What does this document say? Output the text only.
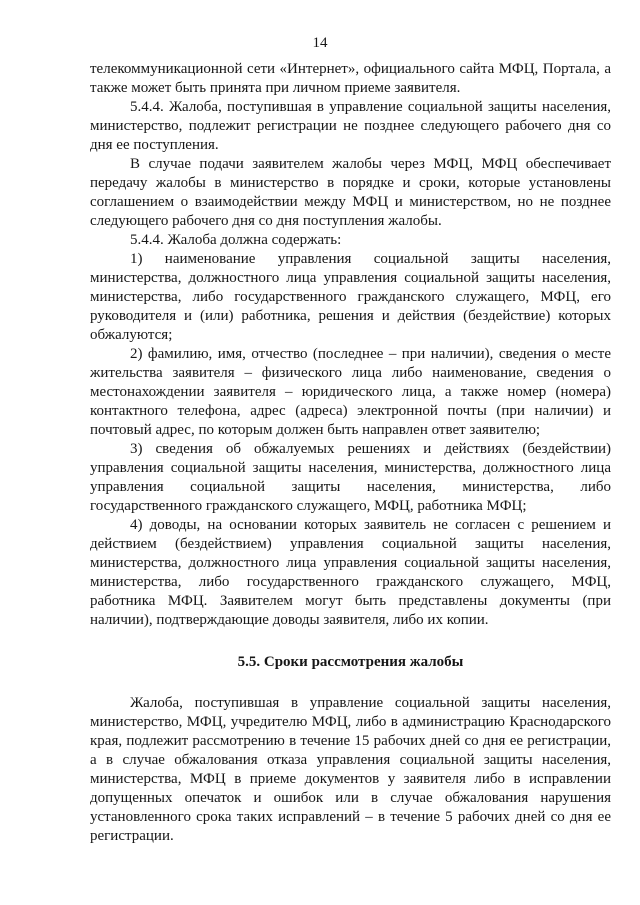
14

телекоммуникационной сети «Интернет», официального сайта МФЦ, Портала, а также может быть принята при личном приеме заявителя.

5.4.4. Жалоба, поступившая в управление социальной защиты населения, министерство, подлежит регистрации не позднее следующего рабочего дня со дня ее поступления.

В случае подачи заявителем жалобы через МФЦ, МФЦ обеспечивает передачу жалобы в министерство в порядке и сроки, которые установлены соглашением о взаимодействии между МФЦ и министерством, но не позднее следующего рабочего дня со дня поступления жалобы.

5.4.4. Жалоба должна содержать:

1) наименование управления социальной защиты населения, министерства, должностного лица управления социальной защиты населения, министерства, либо государственного гражданского служащего, МФЦ, его руководителя и (или) работника, решения и действия (бездействие) которых обжалуются;

2) фамилию, имя, отчество (последнее – при наличии), сведения о месте жительства заявителя – физического лица либо наименование, сведения о местонахождении заявителя – юридического лица, а также номер (номера) контактного телефона, адрес (адреса) электронной почты (при наличии) и почтовый адрес, по которым должен быть направлен ответ заявителю;

3) сведения об обжалуемых решениях и действиях (бездействии) управления социальной защиты населения, министерства, должностного лица управления социальной защиты населения, министерства, либо государственного гражданского служащего, МФЦ, работника МФЦ;

4) доводы, на основании которых заявитель не согласен с решением и действием (бездействием) управления социальной защиты населения, министерства, должностного лица управления социальной защиты населения, министерства, либо государственного гражданского служащего, МФЦ, работника МФЦ. Заявителем могут быть представлены документы (при наличии), подтверждающие доводы заявителя, либо их копии.

5.5. Сроки рассмотрения жалобы

Жалоба, поступившая в управление социальной защиты населения, министерство, МФЦ, учредителю МФЦ, либо в администрацию Краснодарского края, подлежит рассмотрению в течение 15 рабочих дней со дня ее регистрации, а в случае обжалования отказа управления социальной защиты населения, министерства, МФЦ в приеме документов у заявителя либо в исправлении допущенных опечаток и ошибок или в случае обжалования нарушения установленного срока таких исправлений – в течение 5 рабочих дней со дня ее регистрации.
